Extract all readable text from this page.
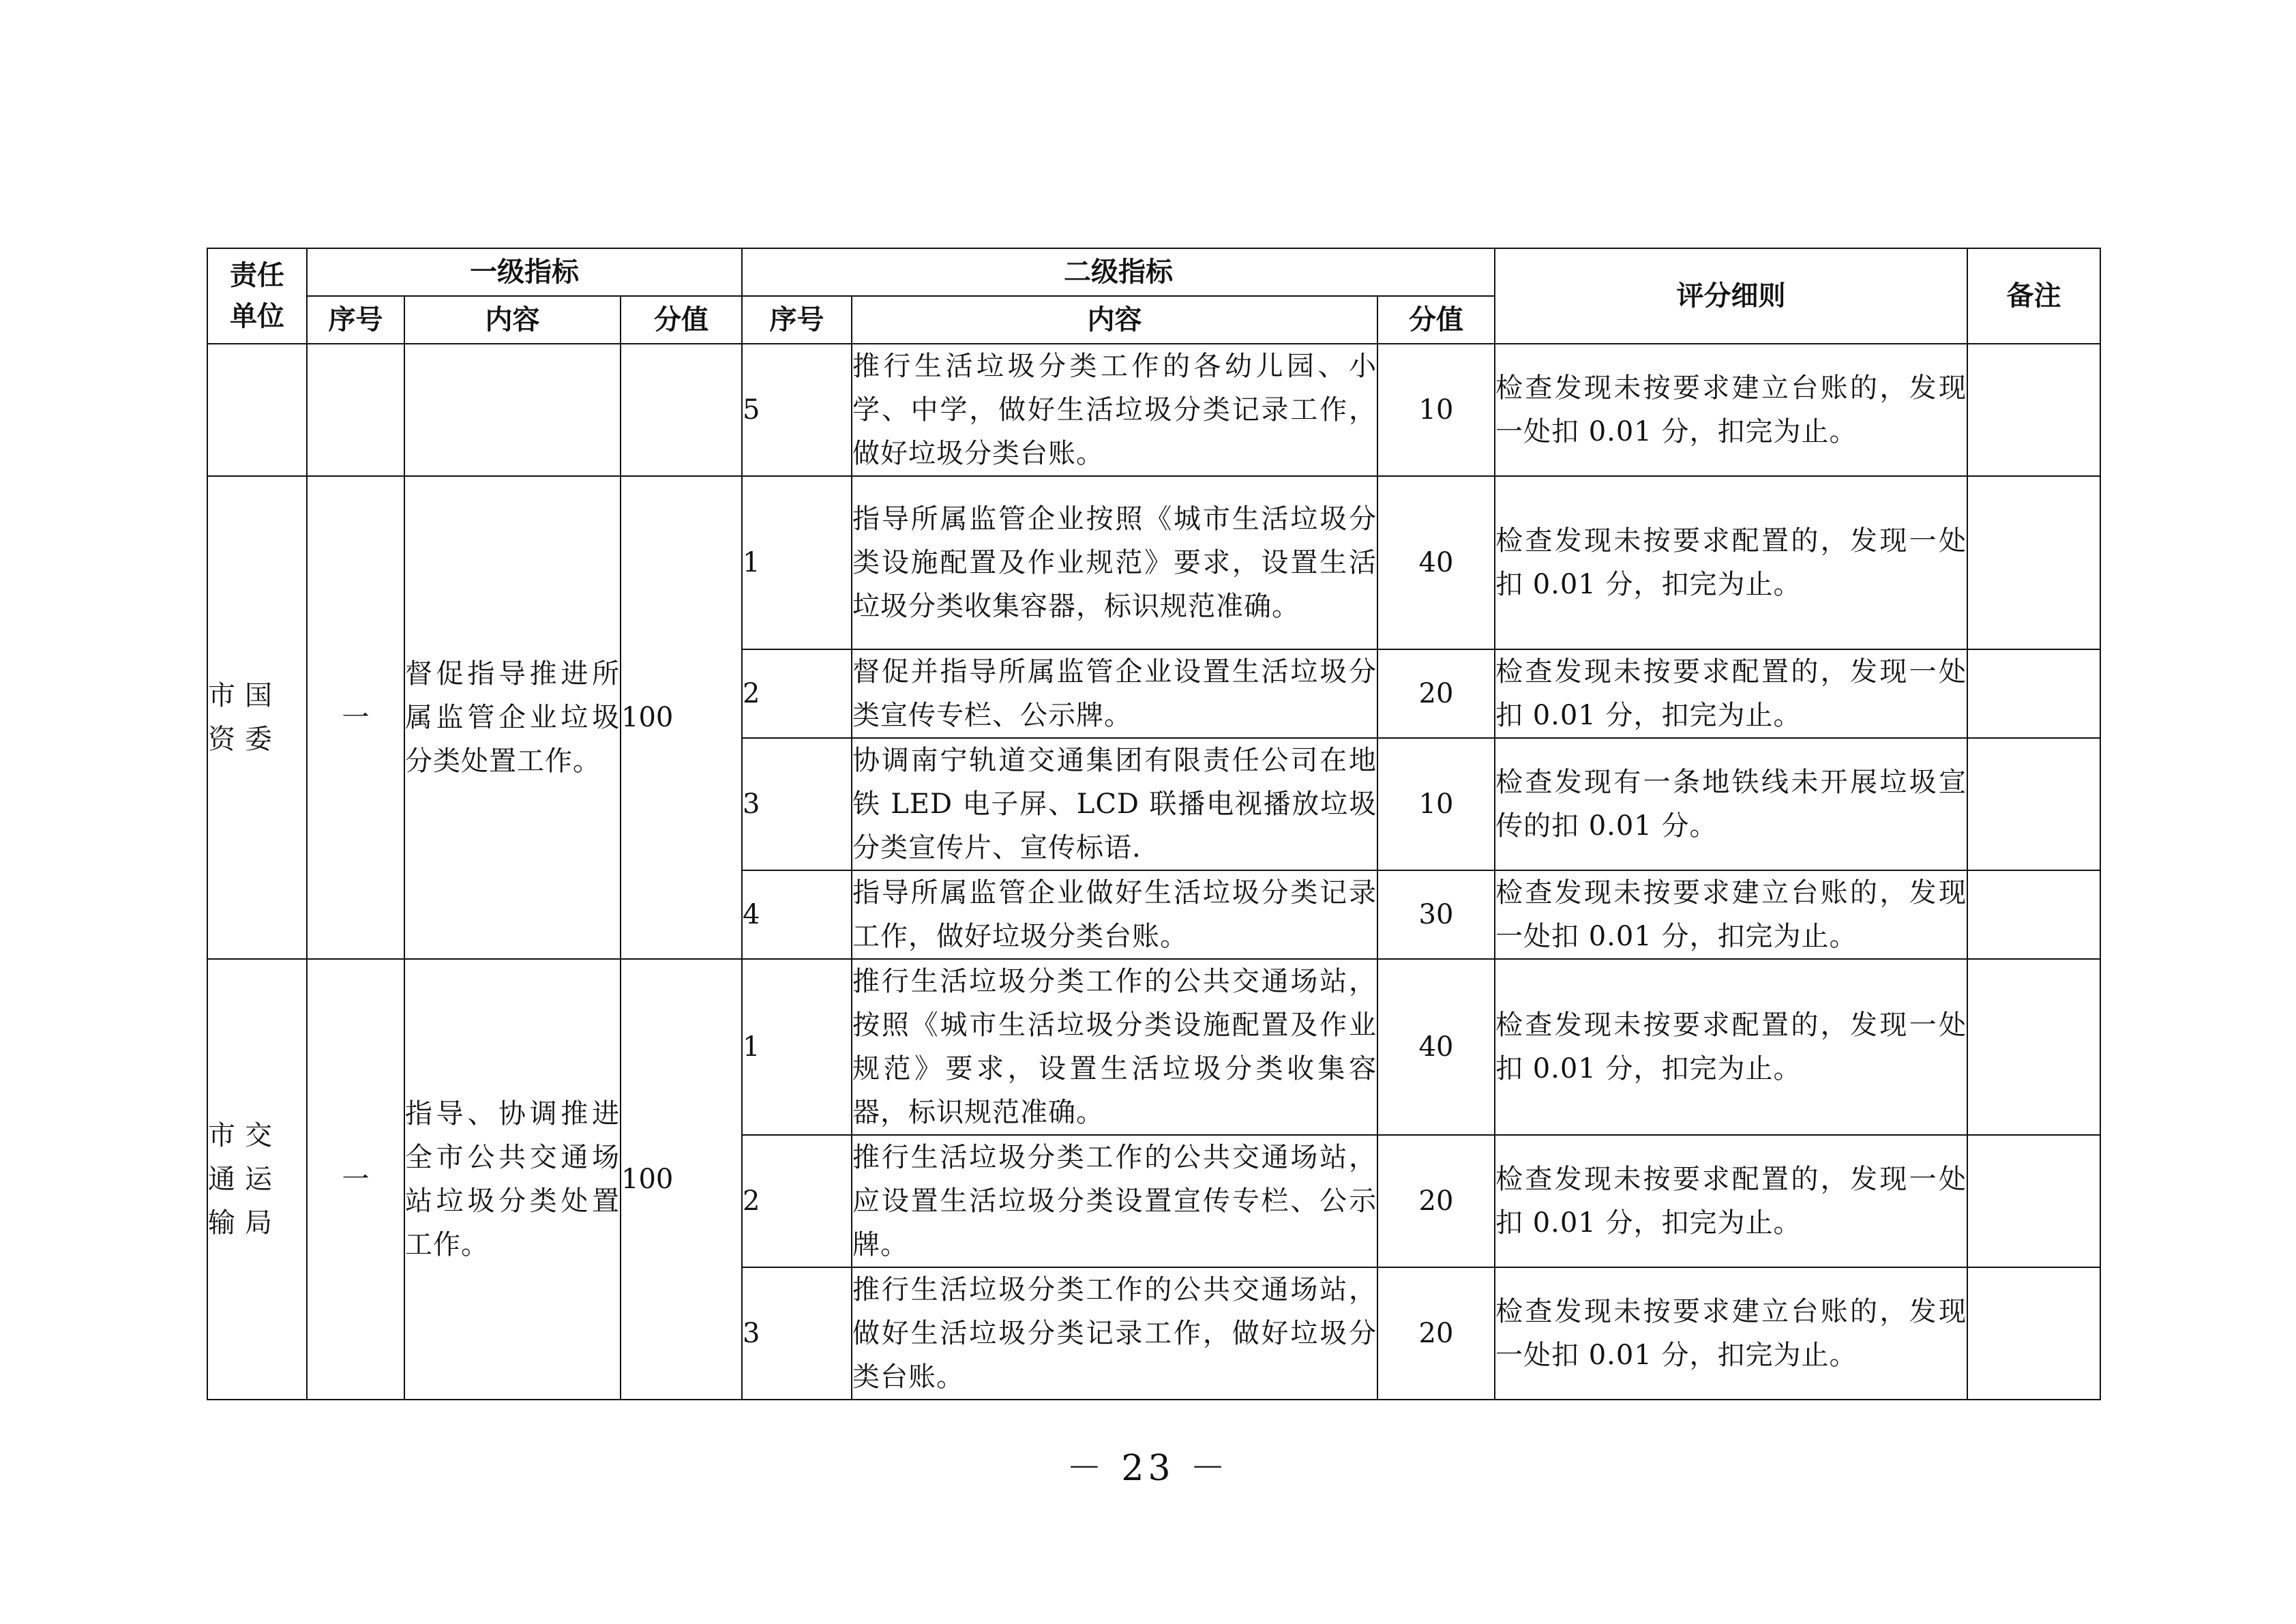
责任单位	一级指标			二级指标			评分细则	备注
	序号	内容	分值	序号	内容	分值		
				5	推行生活垃圾分类工作的各幼儿园、小学、中学，做好生活垃圾分类记录工作，做好垃圾分类台账。	10	检查发现未按要求建立台账的，发现一处扣 0.01 分，扣完为止。	
市国资委	一	督促指导推进所属监管企业垃圾分类处置工作。	100	1	指导所属监管企业按照《城市生活垃圾分类设施配置及作业规范》要求，设置生活垃圾分类收集容器，标识规范准确。	40	检查发现未按要求配置的，发现一处扣 0.01 分，扣完为止。	
				2	督促并指导所属监管企业设置生活垃圾分类宣传专栏、公示牌。	20	检查发现未按要求配置的，发现一处扣 0.01 分，扣完为止。	
				3	协调南宁轨道交通集团有限责任公司在地铁 LED 电子屏、LCD 联播电视播放垃圾分类宣传片、宣传标语.	10	检查发现有一条地铁线未开展垃圾宣传的扣 0.01 分。	
				4	指导所属监管企业做好生活垃圾分类记录工作，做好垃圾分类台账。	30	检查发现未按要求建立台账的，发现一处扣 0.01 分，扣完为止。	
市交通运输局	一	指导、协调推进全市公共交通场站垃圾分类处置工作。	100	1	推行生活垃圾分类工作的公共交通场站，按照《城市生活垃圾分类设施配置及作业规范》要求，设置生活垃圾分类收集容器，标识规范准确。	40	检查发现未按要求配置的，发现一处扣 0.01 分，扣完为止。	
				2	推行生活垃圾分类工作的公共交通场站，应设置生活垃圾分类设置宣传专栏、公示牌。	20	检查发现未按要求配置的，发现一处扣 0.01 分，扣完为止。	
				3	推行生活垃圾分类工作的公共交通场站，做好生活垃圾分类记录工作，做好垃圾分类台账。	20	检查发现未按要求建立台账的，发现一处扣 0.01 分，扣完为止。	
－ 23 －
